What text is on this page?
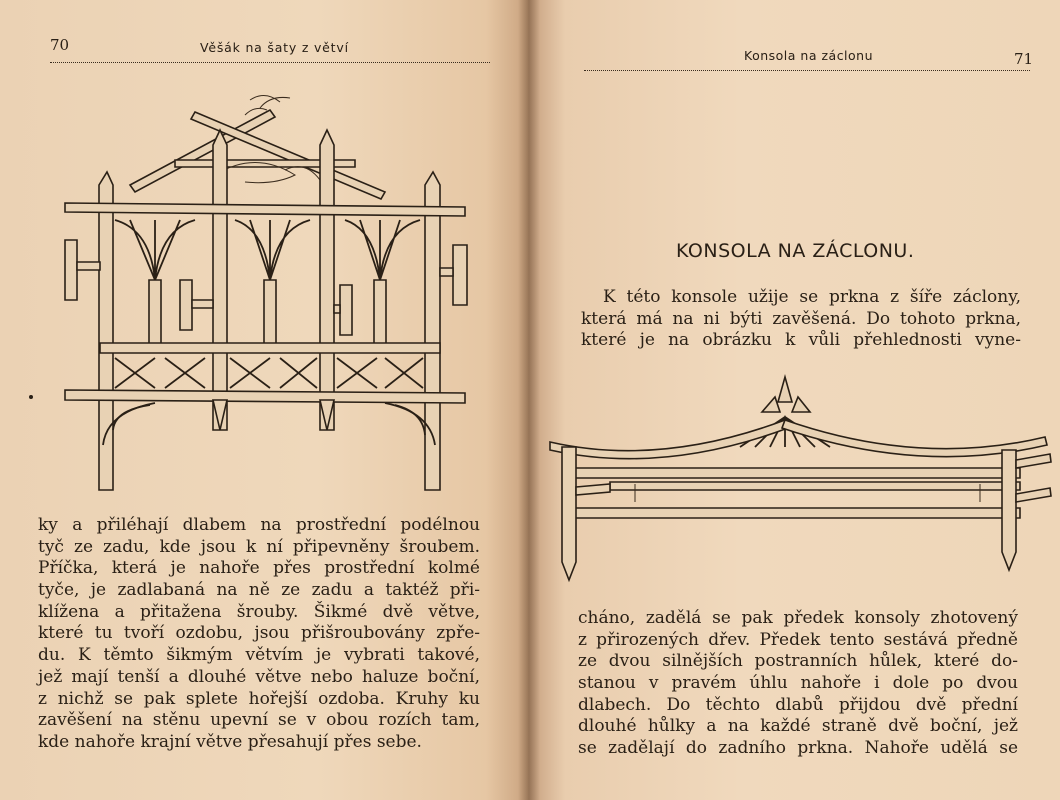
70	Věšák na šaty z větví
ky a přiléhají dlabem na prostřední podélnou
tyč ze zadu, kde jsou k ní připevněny šroubem.
Příčka, která je nahoře přes prostřední kolmé
tyče, je zadlabaná na ně ze zadu a taktéž při-
klížena a přitažena šrouby. Šikmé dvě větve,
které tu tvoří ozdobu, jsou přišroubovány zpře-
du. K těmto šikmým větvím je vybrati takové,
jež mají tenší a dlouhé větve nebo haluze boční,
z nichž se pak splete hořejší ozdoba. Kruhy ku
zavěšení na stěnu upevní se v obou rozích tam,
kde nahoře krajní větve přesahují přes sebe.
Konsola na záclonu	71
KONSOLA NA ZÁCLONU.
K této konsole užije se prkna z šíře záclony,
která má na ni býti zavěšená. Do tohoto prkna,
které je na obrázku k vůli přehlednosti vyne-
cháno, zadělá se pak předek konsoly zhotovený
z přirozených dřev. Předek tento sestává předně
ze dvou silnějších postranních hůlek, které do-
stanou v pravém úhlu nahoře i dole po dvou
dlabech. Do těchto dlabů přijdou dvě přední
dlouhé hůlky a na každé straně dvě boční, jež
se zadělají do zadního prkna. Nahoře udělá se
